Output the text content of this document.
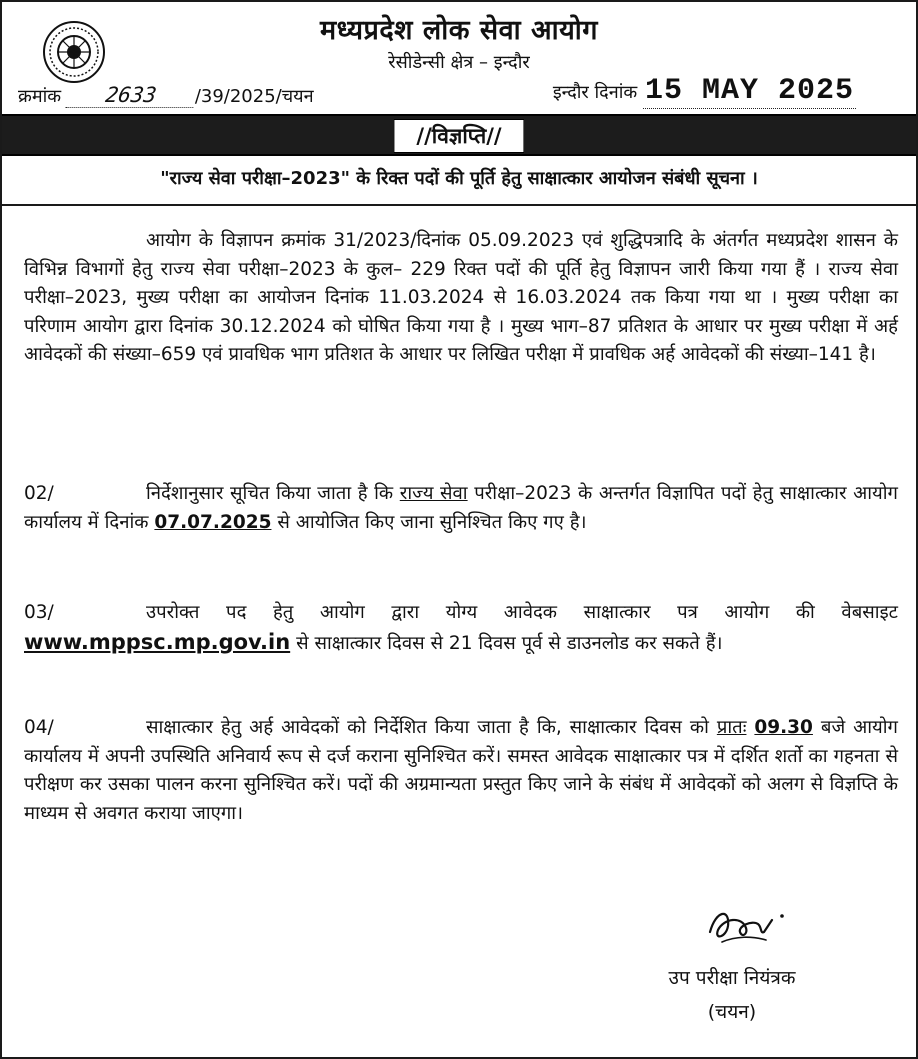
मध्यप्रदेश लोक सेवा आयोग
रेसीडेन्सी क्षेत्र – इन्दौर
क्रमांक 2633 /39/2025/चयन	इन्दौर दिनांक 15 MAY 2025
//विज्ञप्ति//
"राज्य सेवा परीक्षा–2023" के रिक्त पदों की पूर्ति हेतु साक्षात्कार आयोजन संबंधी सूचना ।
आयोग के विज्ञापन क्रमांक 31/2023/दिनांक 05.09.2023 एवं शुद्धिपत्रादि के अंतर्गत मध्यप्रदेश शासन के विभिन्न विभागों हेतु राज्य सेवा परीक्षा–2023 के कुल– 229 रिक्त पदों की पूर्ति हेतु विज्ञापन जारी किया गया हैं । राज्य सेवा परीक्षा–2023, मुख्य परीक्षा का आयोजन दिनांक 11.03.2024 से 16.03.2024 तक किया गया था । मुख्य परीक्षा का परिणाम आयोग द्वारा दिनांक 30.12.2024 को घोषित किया गया है । मुख्य भाग–87 प्रतिशत के आधार पर मुख्य परीक्षा में अर्ह आवेदकों की संख्या–659 एवं प्रावधिक भाग प्रतिशत के आधार पर लिखित परीक्षा में प्रावधिक अर्ह आवेदकों की संख्या–141 है।
02/	निर्देशानुसार सूचित किया जाता है कि राज्य सेवा परीक्षा–2023 के अन्तर्गत विज्ञापित पदों हेतु साक्षात्कार आयोग कार्यालय में दिनांक 07.07.2025 से आयोजित किए जाना सुनिश्चित किए गए है।
03/	उपरोक्त पद हेतु आयोग द्वारा योग्य आवेदक साक्षात्कार पत्र आयोग की वेबसाइट www.mppsc.mp.gov.in से साक्षात्कार दिवस से 21 दिवस पूर्व से डाउनलोड कर सकते हैं।
04/	साक्षात्कार हेतु अर्ह आवेदकों को निर्देशित किया जाता है कि, साक्षात्कार दिवस को प्रातः 09.30 बजे आयोग कार्यालय में अपनी उपस्थिति अनिवार्य रूप से दर्ज कराना सुनिश्चित करें। समस्त आवेदक साक्षात्कार पत्र में दर्शित शर्तो का गहनता से परीक्षण कर उसका पालन करना सुनिश्चित करें। पदों की अग्रमान्यता प्रस्तुत किए जाने के संबंध में आवेदकों को अलग से विज्ञप्ति के माध्यम से अवगत कराया जाएगा।
उप परीक्षा नियंत्रक
(चयन)
